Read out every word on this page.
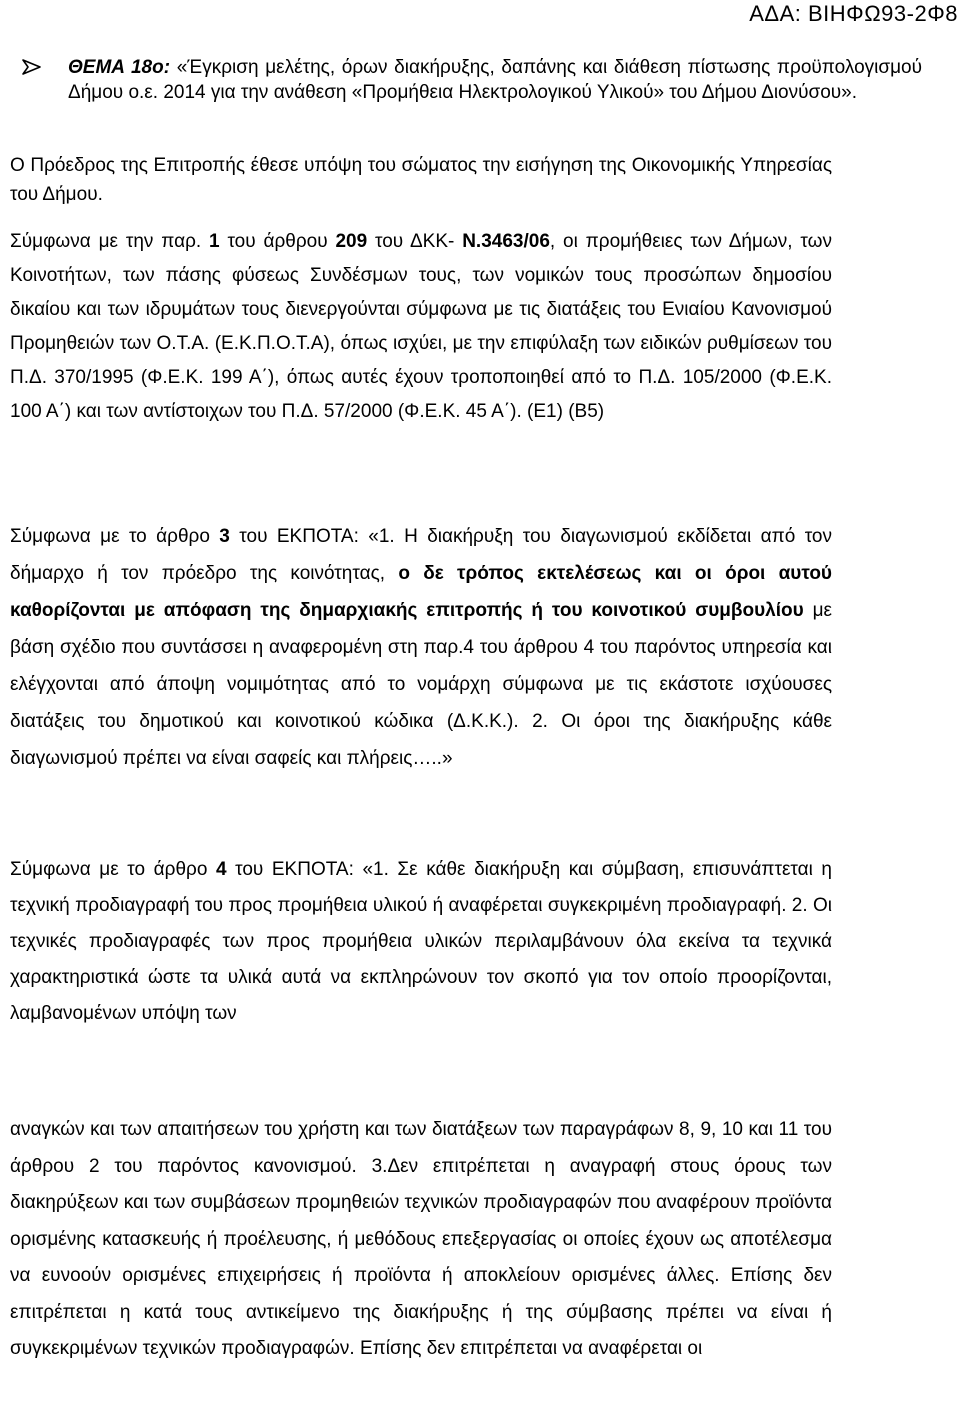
ΑΔΑ: ΒΙΗΦΩ93-2Φ8
ΘΕΜΑ 18ο: «Έγκριση μελέτης, όρων διακήρυξης, δαπάνης και διάθεση πίστωσης προϋπολογισμού Δήμου ο.ε. 2014 για την ανάθεση «Προμήθεια Ηλεκτρολογικού Υλικού» του Δήμου Διονύσου».

Ο Πρόεδρος της Επιτροπής έθεσε υπόψη του σώματος την εισήγηση της Οικονομικής Υπηρεσίας του Δήμου.

Σύμφωνα με την παρ. 1 του άρθρου 209 του ΔΚΚ- Ν.3463/06, οι προμήθειες των Δήμων, των Κοινοτήτων, των πάσης φύσεως Συνδέσμων τους, των νομικών τους προσώπων δημοσίου δικαίου και των ιδρυμάτων τους διενεργούνται σύμφωνα με τις διατάξεις του Ενιαίου Κανονισμού Προμηθειών των Ο.Τ.Α. (Ε.Κ.Π.Ο.Τ.Α), όπως ισχύει, με την επιφύλαξη των ειδικών ρυθμίσεων του Π.Δ. 370/1995 (Φ.Ε.Κ. 199 Α΄), όπως αυτές έχουν τροποποιηθεί από το Π.Δ. 105/2000 (Φ.Ε.Κ. 100 Α΄) και των αντίστοιχων του Π.Δ. 57/2000 (Φ.Ε.Κ. 45 Α΄). (Ε1) (Β5)

Σύμφωνα με το άρθρο 3 του ΕΚΠΟΤΑ: «1. Η διακήρυξη του διαγωνισμού εκδίδεται από τον δήμαρχο ή τον πρόεδρο της κοινότητας, ο δε τρόπος εκτελέσεως και οι όροι αυτού καθορίζονται με απόφαση της δημαρχιακής επιτροπής ή του κοινοτικού συμβουλίου με βάση σχέδιο που συντάσσει η αναφερομένη στη παρ.4 του άρθρου 4 του παρόντος υπηρεσία και ελέγχονται από άποψη νομιμότητας από το νομάρχη σύμφωνα με τις εκάστοτε ισχύουσες διατάξεις του δημοτικού και κοινοτικού κώδικα (Δ.Κ.Κ.). 2. Οι όροι της διακήρυξης κάθε διαγωνισμού πρέπει να είναι σαφείς και πλήρεις…..»

Σύμφωνα με το άρθρο 4 του ΕΚΠΟΤΑ: «1. Σε κάθε διακήρυξη και σύμβαση, επισυνάπτεται η τεχνική προδιαγραφή του προς προμήθεια υλικού ή αναφέρεται συγκεκριμένη προδιαγραφή. 2. Οι τεχνικές προδιαγραφές των προς προμήθεια υλικών περιλαμβάνουν όλα εκείνα τα τεχνικά χαρακτηριστικά ώστε τα υλικά αυτά να εκπληρώνουν τον σκοπό για τον οποίο προορίζονται, λαμβανομένων υπόψη των

αναγκών και των απαιτήσεων του χρήστη και των διατάξεων των παραγράφων 8, 9, 10 και 11 του άρθρου 2 του παρόντος κανονισμού. 3.Δεν επιτρέπεται η αναγραφή στους όρους των διακηρύξεων και των συμβάσεων προμηθειών τεχνικών προδιαγραφών που αναφέρουν προϊόντα ορισμένης κατασκευής ή προέλευσης, ή μεθόδους επεξεργασίας οι οποίες έχουν ως αποτέλεσμα να ευνοούν ορισμένες επιχειρήσεις ή προϊόντα ή αποκλείουν ορισμένες άλλες. Επίσης δεν επιτρέπεται η κατά τους αντικείμενο της διακήρυξης ή της σύμβασης πρέπει να είναι ή συγκεκριμένων τεχνικών προδιαγραφών. Επίσης δεν επιτρέπεται να αναφέρεται οι
